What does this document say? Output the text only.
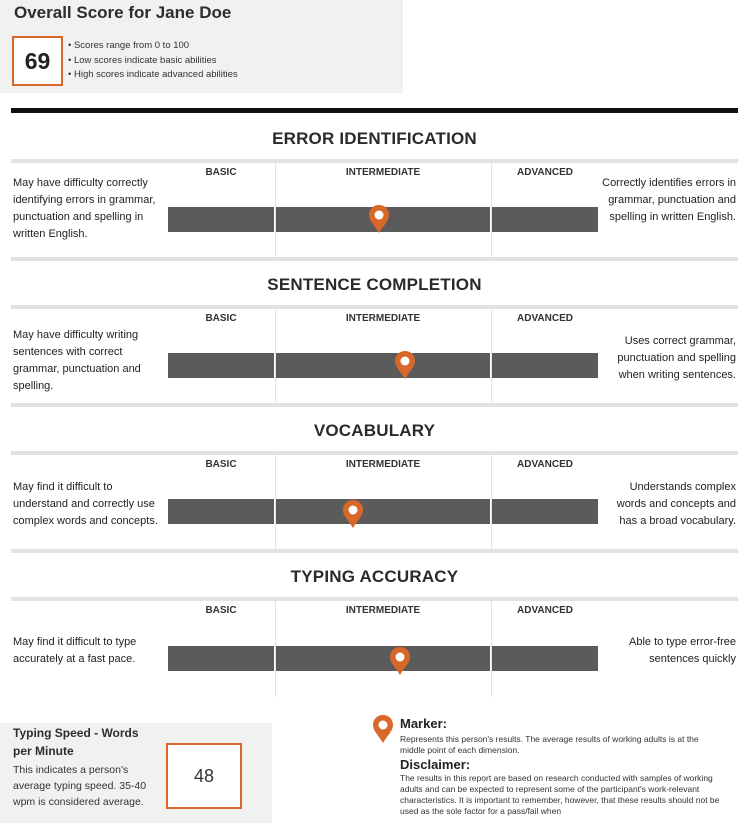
Overall Score for Jane Doe
69
• Scores range from 0 to 100
• Low scores indicate basic abilities
• High scores indicate advanced abilities
ERROR IDENTIFICATION
BASIC	INTERMEDIATE	ADVANCED
May have difficulty correctly identifying errors in grammar, punctuation and spelling in written English.
Correctly identifies errors in grammar, punctuation and spelling in written English.
SENTENCE COMPLETION
BASIC	INTERMEDIATE	ADVANCED
May have difficulty writing sentences with correct grammar, punctuation and spelling.
Uses correct grammar, punctuation and spelling when writing sentences.
VOCABULARY
BASIC	INTERMEDIATE	ADVANCED
May find it difficult to understand and correctly use complex words and concepts.
Understands complex words and concepts and has a broad vocabulary.
TYPING ACCURACY
BASIC	INTERMEDIATE	ADVANCED
May find it difficult to type accurately at a fast pace.
Able to type error-free sentences quickly
Typing Speed - Words per Minute
This indicates a person's average typing speed. 35-40 wpm is considered average.
48
Marker:
Represents this person's results. The average results of working adults is at the middle point of each dimension.
Disclaimer:
The results in this report are based on research conducted with samples of working adults and can be expected to represent some of the participant's work-relevant characteristics. It is important to remember, however, that these results should not be used as the sole factor for a pass/fail when
